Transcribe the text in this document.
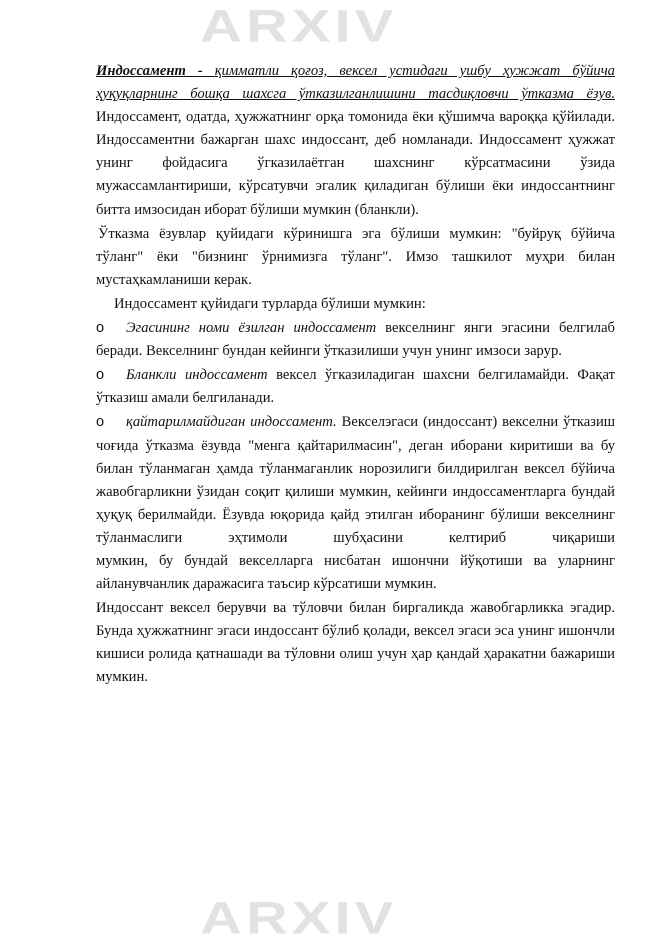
ARXIV
ARXIV

Индоссамент - қимматли қоғоз, вексел устидаги ушбу ҳужжат бўйича ҳуқуқларнинг бошқа шахсга ўтказилганлишини тасдиқловчи ўтказма ёзув. Индоссамент, одатда, ҳужжатнинг орқа томонида ёки қўшимча вароққа қўйилади. Индоссаментни бажарган шахс индоссант, деб номланади. Индоссамент ҳужжат унинг фойдасига ўгказилаётган шахснинг кўрсатмасини ўзида мужассамлантириши, кўрсатувчи эгалик қиладиган бўлиши ёки индоссантнинг битта имзосидан иборат бўлиши мумкин (бланкли).

Ўтказма ёзувлар қуйидаги кўринишга эга бўлиши мумкин: "буйруқ бўйича тўланг" ёки "бизнинг ўрнимизга тўланг". Имзо ташкилот муҳри билан мустаҳкамланиши керак.

Индоссамент қуйидаги турларда бўлиши мумкин:

o Эгасининг номи ёзилган индоссамент векселнинг янги эгасини белгилаб беради. Векселнинг бундан кейинги ўтказилиши учун унинг имзоси зарур.

o Бланкли индоссамент вексел ўгказиладиган шахсни белгиламайди. Фақат ўтказиш амали белгиланади.

o қайтарилмайдиган индоссамент. Векселэгаси (индоссант) векселни ўтказиш чоғида ўтказма ёзувда "менга қайтарилмасин", деган иборани киритиши ва бу билан тўланмаган ҳамда тўланмаганлик норозилиги билдирилган вексел бўйича жавобгарликни ўзидан соқит қилиши мумкин, кейинги индоссаментларга бундай ҳуқуқ берилмайди. Ёзувда юқорида қайд этилган иборанинг бўлиши векселнинг тўланмаслиги эҳтимоли шубҳасини келтириб чиқариши

мумкин, бу бундай векселларга нисбатан ишончни йўқотиши ва уларнинг айланувчанлик даражасига таъсир кўрсатиши мумкин.

Индоссант вексел берувчи ва тўловчи билан биргаликда жавобгарликка эгадир. Бунда ҳужжатнинг эгаси индоссант бўлиб қолади, вексел эгаси эса унинг ишончли кишиси ролида қатнашади ва тўловни олиш учун ҳар қандай ҳаракатни бажариши мумкин.
